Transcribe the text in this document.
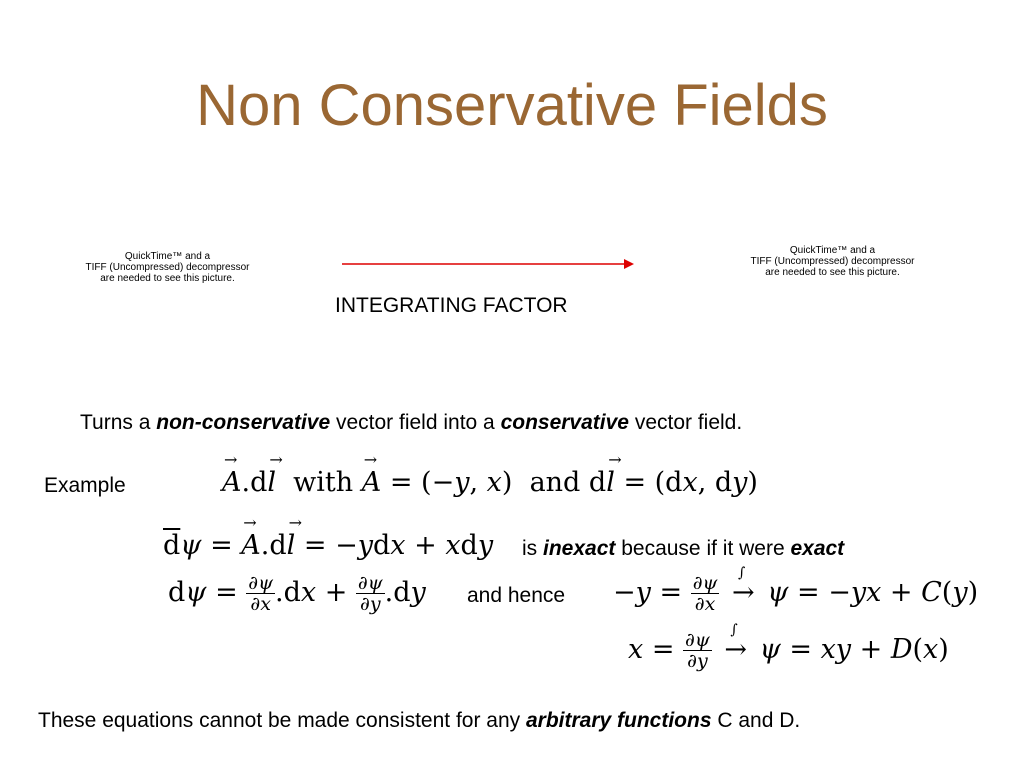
Non Conservative Fields
QuickTime™ and a
TIFF (Uncompressed) decompressor
are needed to see this picture.
QuickTime™ and a
TIFF (Uncompressed) decompressor
are needed to see this picture.
INTEGRATING FACTOR
Turns a non-conservative vector field into a conservative vector field.
Example	→ A.d→ l  with → A = (−y, x)  and d→ l = (dx, dy)
$\overline{d}\psi$ = → A.d→ l = −ydx + xdy is inexact because if it were exact
$d\psi = \frac{\partial\psi}{\partial x} .dx + \frac{\partial\psi}{\partial y} .dy$ and hence $-y = \frac{\partial\psi}{\partial x}$
∫
→ ψ = −yx + C(y)
$x = \frac{\partial\psi}{\partial y}$
∫
→ ψ = xy + D(x)
These equations cannot be made consistent for any arbitrary functions C and D.
